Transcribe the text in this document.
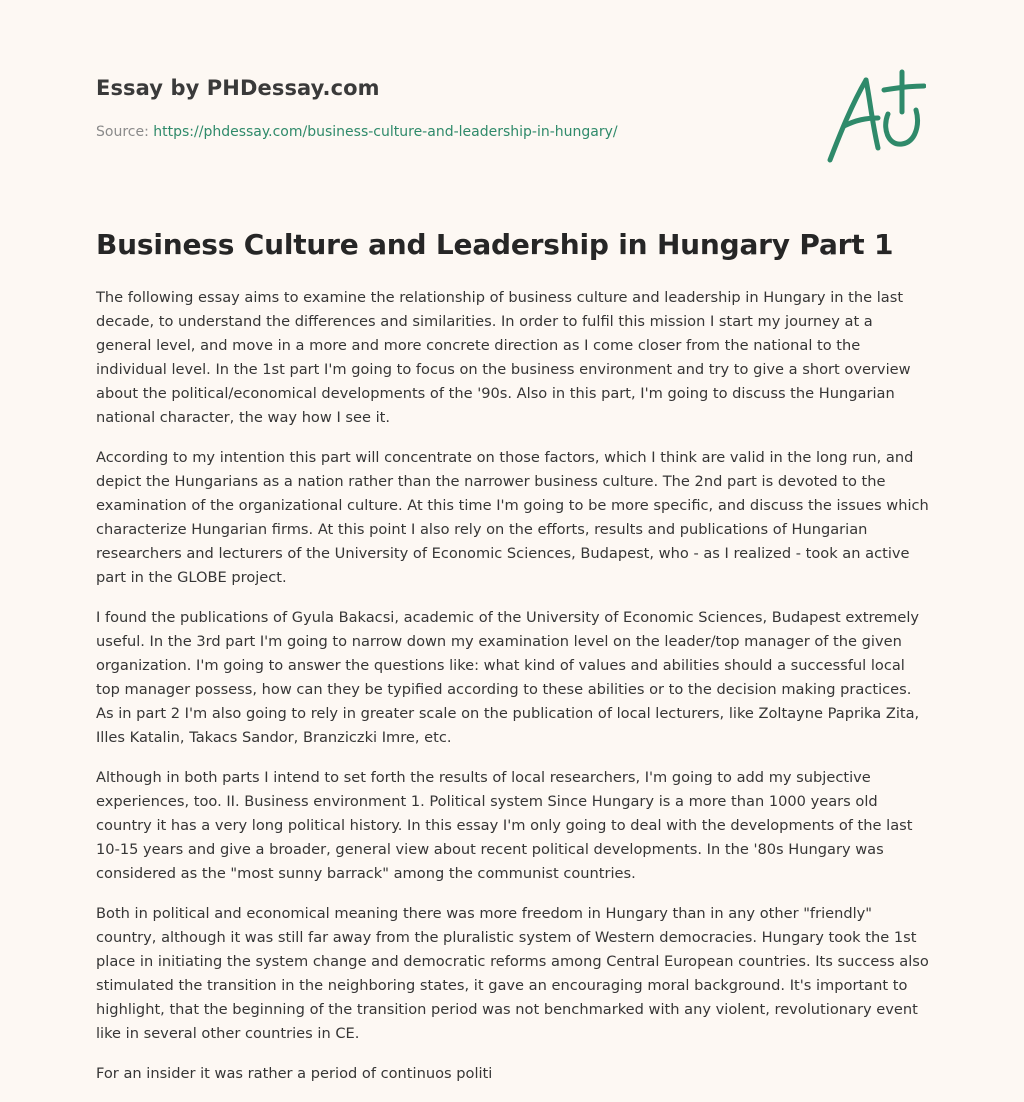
Essay by PHDessay.com
Source: https://phdessay.com/business-culture-and-leadership-in-hungary/
Business Culture and Leadership in Hungary Part 1

The following essay aims to examine the relationship of business culture and leadership in Hungary in the last decade, to understand the differences and similarities. In order to fulfil this mission I start my journey at a general level, and move in a more and more concrete direction as I come closer from the national to the individual level. In the 1st part I'm going to focus on the business environment and try to give a short overview about the political/economical developments of the '90s. Also in this part, I'm going to discuss the Hungarian national character, the way how I see it.

According to my intention this part will concentrate on those factors, which I think are valid in the long run, and depict the Hungarians as a nation rather than the narrower business culture. The 2nd part is devoted to the examination of the organizational culture. At this time I'm going to be more specific, and discuss the issues which characterize Hungarian firms. At this point I also rely on the efforts, results and publications of Hungarian researchers and lecturers of the University of Economic Sciences, Budapest, who - as I realized - took an active part in the GLOBE project.

I found the publications of Gyula Bakacsi, academic of the University of Economic Sciences, Budapest extremely useful. In the 3rd part I'm going to narrow down my examination level on the leader/top manager of the given organization. I'm going to answer the questions like: what kind of values and abilities should a successful local top manager possess, how can they be typified according to these abilities or to the decision making practices. As in part 2 I'm also going to rely in greater scale on the publication of local lecturers, like Zoltayne Paprika Zita, Illes Katalin, Takacs Sandor, Branziczki Imre, etc.

Although in both parts I intend to set forth the results of local researchers, I'm going to add my subjective experiences, too. II. Business environment 1. Political system Since Hungary is a more than 1000 years old country it has a very long political history. In this essay I'm only going to deal with the developments of the last 10-15 years and give a broader, general view about recent political developments. In the '80s Hungary was considered as the "most sunny barrack" among the communist countries.

Both in political and economical meaning there was more freedom in Hungary than in any other "friendly" country, although it was still far away from the pluralistic system of Western democracies. Hungary took the 1st place in initiating the system change and democratic reforms among Central European countries. Its success also stimulated the transition in the neighboring states, it gave an encouraging moral background. It's important to highlight, that the beginning of the transition period was not benchmarked with any violent, revolutionary event like in several other countries in CE.

For an insider it was rather a period of continuos politi
